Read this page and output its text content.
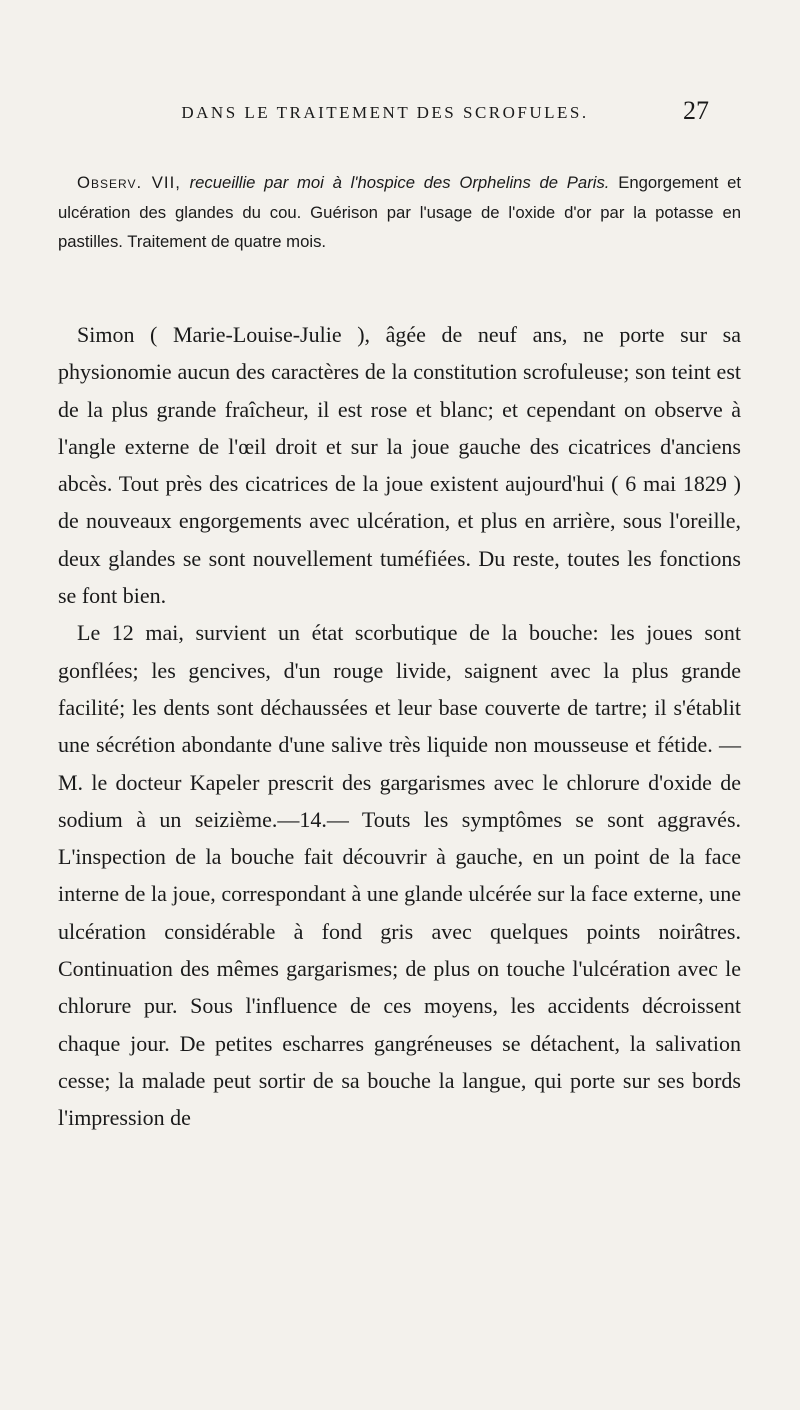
DANS LE TRAITEMENT DES SCROFULES.	27
Observ. VII, recueillie par moi à l'hospice des Orphelins de Paris. Engorgement et ulcération des glandes du cou. Guérison par l'usage de l'oxide d'or par la potasse en pastilles. Traitement de quatre mois.

Simon ( Marie-Louise-Julie ), âgée de neuf ans, ne porte sur sa physionomie aucun des caractères de la constitution scrofuleuse; son teint est de la plus grande fraîcheur, il est rose et blanc; et cependant on observe à l'angle externe de l'œil droit et sur la joue gauche des cicatrices d'anciens abcès. Tout près des cicatrices de la joue existent aujourd'hui ( 6 mai 1829 ) de nouveaux engorgements avec ulcération, et plus en arrière, sous l'oreille, deux glandes se sont nouvellement tuméfiées. Du reste, toutes les fonctions se font bien.

Le 12 mai, survient un état scorbutique de la bouche: les joues sont gonflées; les gencives, d'un rouge livide, saignent avec la plus grande facilité; les dents sont déchaussées et leur base couverte de tartre; il s'établit une sécrétion abondante d'une salive très liquide non mousseuse et fétide. — M. le docteur Kapeler prescrit des gargarismes avec le chlorure d'oxide de sodium à un seizième.—14.— Touts les symptômes se sont aggravés. L'inspection de la bouche fait découvrir à gauche, en un point de la face interne de la joue, correspondant à une glande ulcérée sur la face externe, une ulcération considérable à fond gris avec quelques points noirâtres. Continuation des mêmes gargarismes; de plus on touche l'ulcération avec le chlorure pur. Sous l'influence de ces moyens, les accidents décroissent chaque jour. De petites escharres gangréneuses se détachent, la salivation cesse; la malade peut sortir de sa bouche la langue, qui porte sur ses bords l'impression de
